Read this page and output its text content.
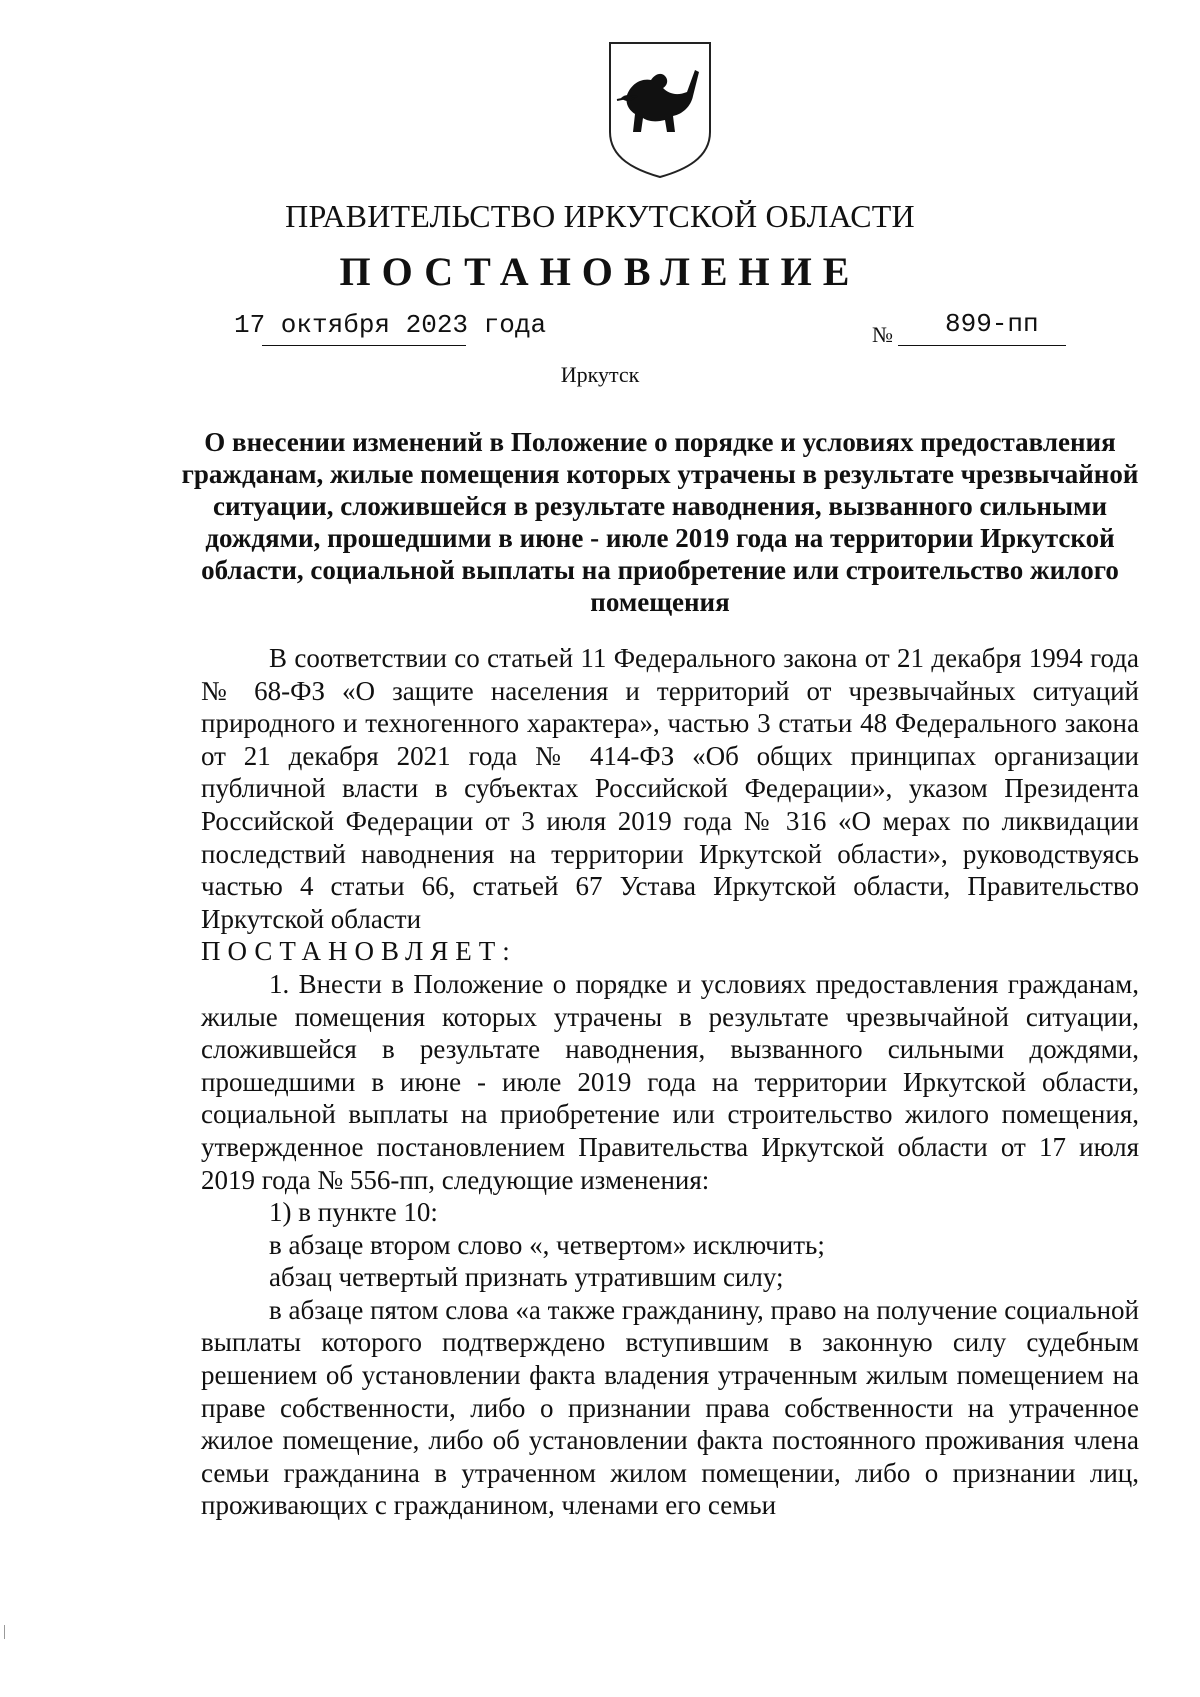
ПРАВИТЕЛЬСТВО ИРКУТСКОЙ ОБЛАСТИ
ПОСТАНОВЛЕНИЕ
17 октября 2023 года	№ 899-пп
Иркутск
О внесении изменений в Положение о порядке и условиях предоставления гражданам, жилые помещения которых утрачены в результате чрезвычайной ситуации, сложившейся в результате наводнения, вызванного сильными дождями, прошедшими в июне - июле 2019 года на территории Иркутской области, социальной выплаты на приобретение или строительство жилого помещения

В соответствии со статьей 11 Федерального закона от 21 декабря 1994 года № 68-ФЗ «О защите населения и территорий от чрезвычайных ситуаций природного и техногенного характера», частью 3 статьи 48 Федерального закона от 21 декабря 2021 года № 414-ФЗ «Об общих принципах организации публичной власти в субъектах Российской Федерации», указом Президента Российской Федерации от 3 июля 2019 года № 316 «О мерах по ликвидации последствий наводнения на территории Иркутской области», руководствуясь частью 4 статьи 66, статьей 67 Устава Иркутской области, Правительство Иркутской области

ПОСТАНОВЛЯЕТ:

1. Внести в Положение о порядке и условиях предоставления гражданам, жилые помещения которых утрачены в результате чрезвычайной ситуации, сложившейся в результате наводнения, вызванного сильными дождями, прошедшими в июне - июле 2019 года на территории Иркутской области, социальной выплаты на приобретение или строительство жилого помещения, утвержденное постановлением Правительства Иркутской области от 17 июля 2019 года № 556-пп, следующие изменения:

1) в пункте 10:

в абзаце втором слово «, четвертом» исключить;

абзац четвертый признать утратившим силу;

в абзаце пятом слова «а также гражданину, право на получение социальной выплаты которого подтверждено вступившим в законную силу судебным решением об установлении факта владения утраченным жилым помещением на праве собственности, либо о признании права собственности на утраченное жилое помещение, либо об установлении факта постоянного проживания члена семьи гражданина в утраченном жилом помещении, либо о признании лиц, проживающих с гражданином, членами его семьи
